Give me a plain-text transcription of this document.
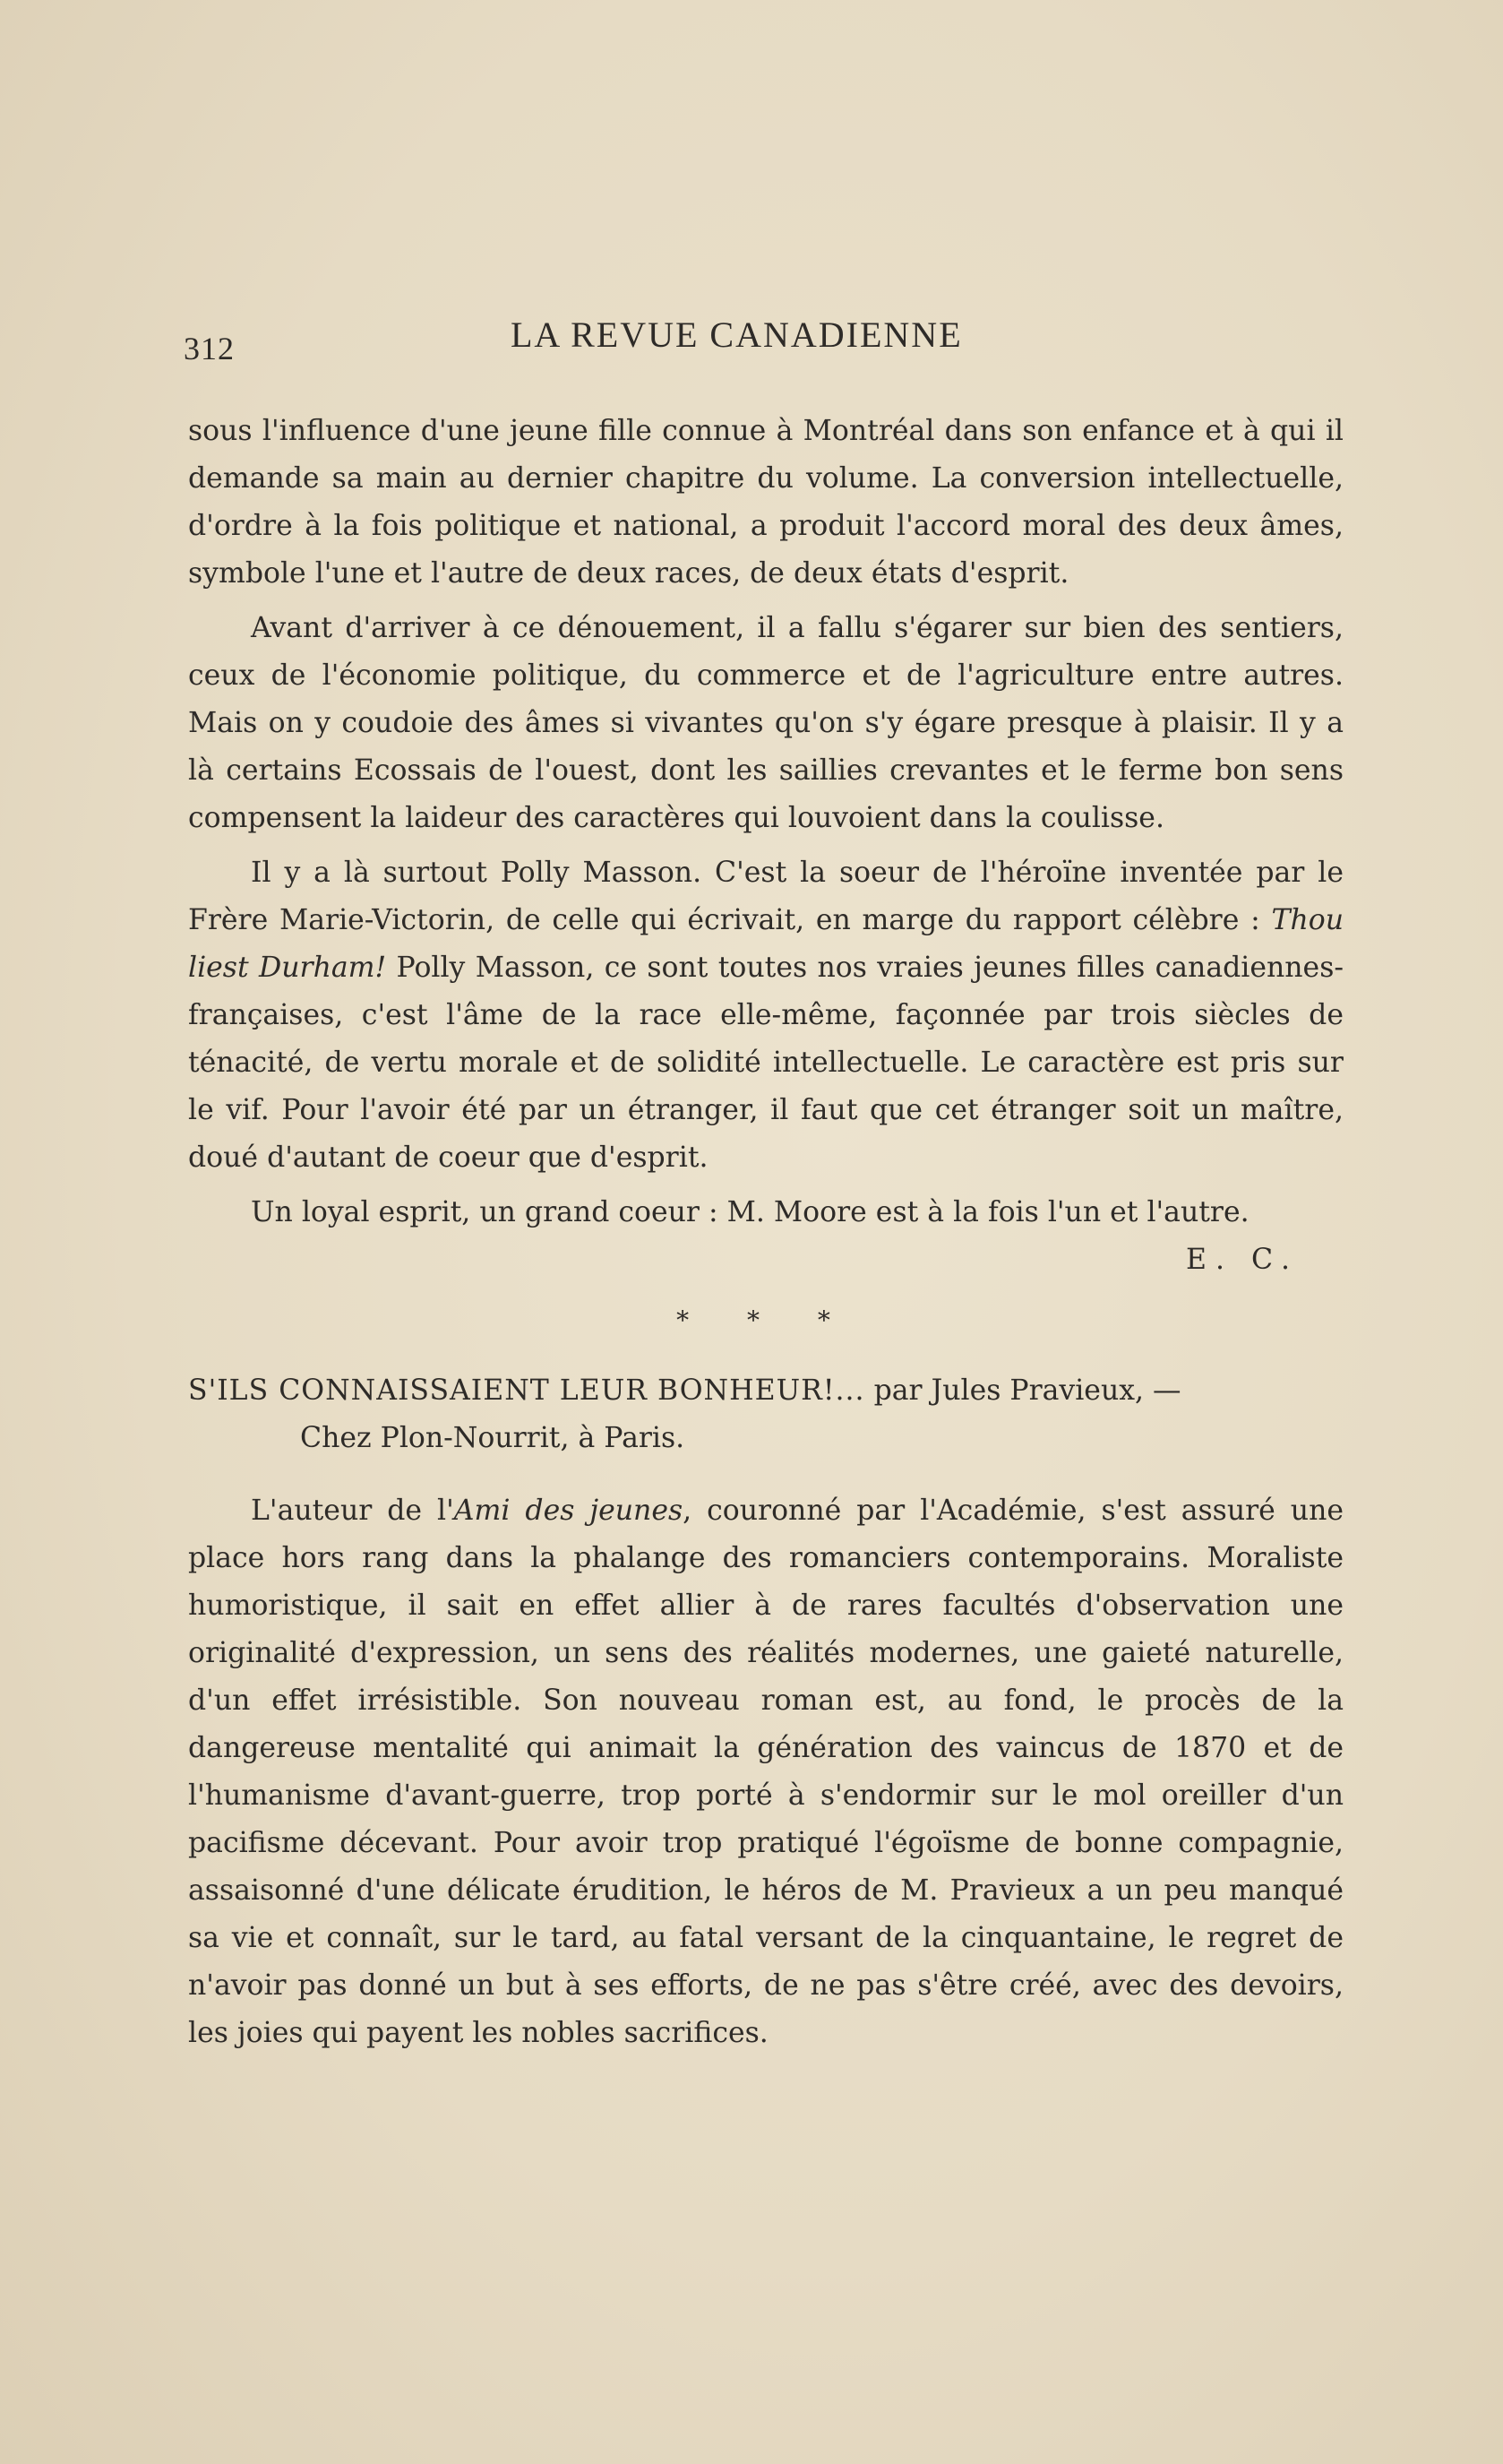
312	LA REVUE CANADIENNE

sous l'influence d'une jeune fille connue à Montréal dans son enfance et à qui il demande sa main au dernier chapitre du volume. La conversion intellectuelle, d'ordre à la fois politique et national, a produit l'accord moral des deux âmes, symbole l'une et l'autre de deux races, de deux états d'esprit.

Avant d'arriver à ce dénouement, il a fallu s'égarer sur bien des sentiers, ceux de l'économie politique, du commerce et de l'agriculture entre autres. Mais on y coudoie des âmes si vivantes qu'on s'y égare presque à plaisir. Il y a là certains Ecossais de l'ouest, dont les saillies crevantes et le ferme bon sens compensent la laideur des caractères qui louvoient dans la coulisse.

Il y a là surtout Polly Masson. C'est la soeur de l'héroïne inventée par le Frère Marie-Victorin, de celle qui écrivait, en marge du rapport célèbre : Thou liest Durham! Polly Masson, ce sont toutes nos vraies jeunes filles canadiennes-françaises, c'est l'âme de la race elle-même, façonnée par trois siècles de ténacité, de vertu morale et de solidité intellectuelle. Le caractère est pris sur le vif. Pour l'avoir été par un étranger, il faut que cet étranger soit un maître, doué d'autant de coeur que d'esprit.

Un loyal esprit, un grand coeur : M. Moore est à la fois l'un et l'autre.

E. C.

* * *

S'ILS CONNAISSAIENT LEUR BONHEUR!... par Jules Pravieux, —

Chez Plon-Nourrit, à Paris.

L'auteur de l'Ami des jeunes, couronné par l'Académie, s'est assuré une place hors rang dans la phalange des romanciers contemporains. Moraliste humoristique, il sait en effet allier à de rares facultés d'observation une originalité d'expression, un sens des réalités modernes, une gaieté naturelle, d'un effet irrésistible. Son nouveau roman est, au fond, le procès de la dangereuse mentalité qui animait la génération des vaincus de 1870 et de l'humanisme d'avant-guerre, trop porté à s'endormir sur le mol oreiller d'un pacifisme décevant. Pour avoir trop pratiqué l'égoïsme de bonne compagnie, assaisonné d'une délicate érudition, le héros de M. Pravieux a un peu manqué sa vie et connaît, sur le tard, au fatal versant de la cinquantaine, le regret de n'avoir pas donné un but à ses efforts, de ne pas s'être créé, avec des devoirs, les joies qui payent les nobles sacrifices.
